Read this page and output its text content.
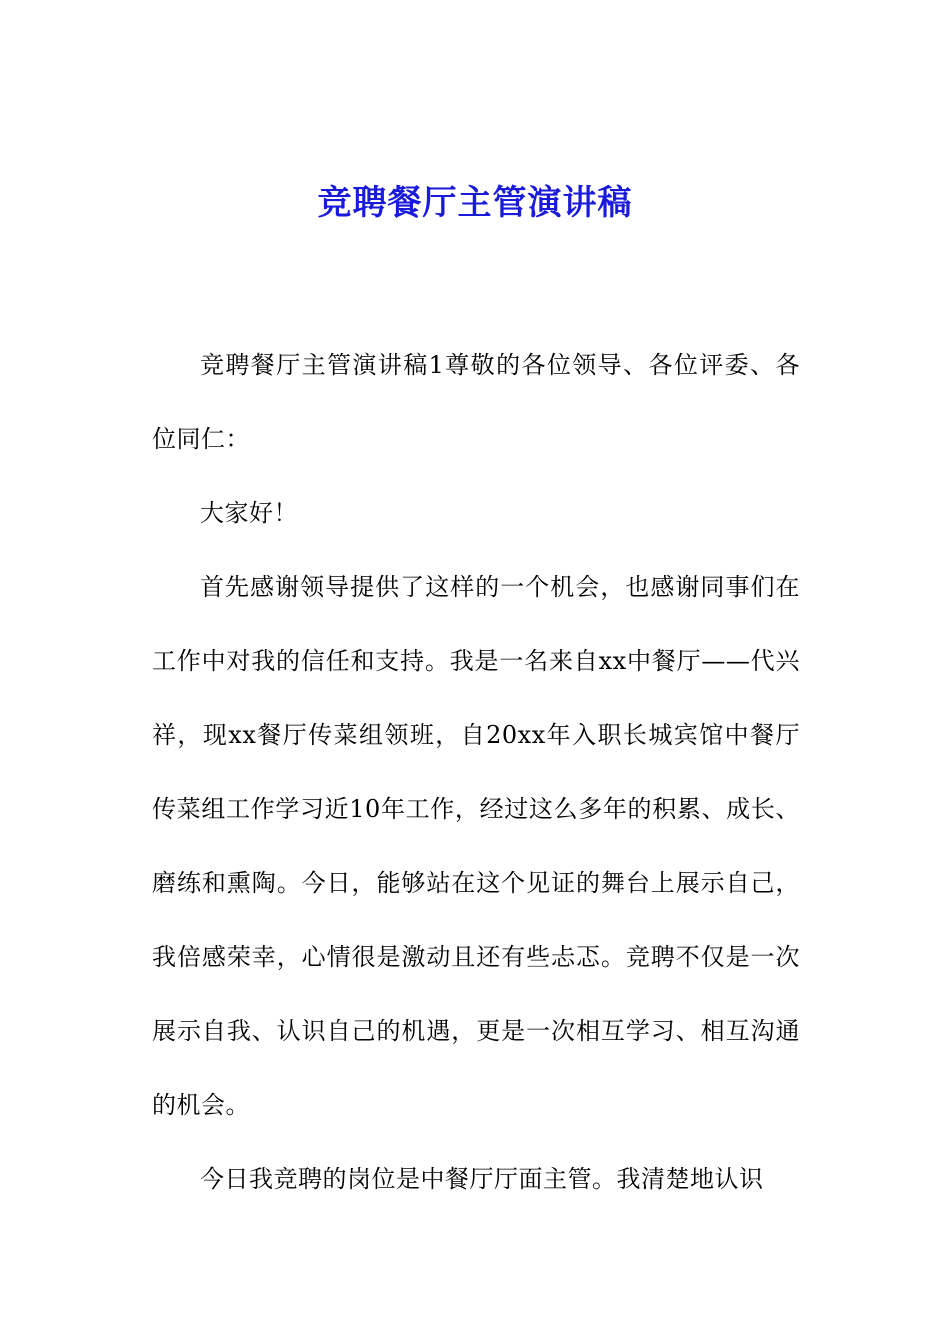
竞聘餐厅主管演讲稿

竞聘餐厅主管演讲稿1尊敬的各位领导、各位评委、各位同仁：

大家好！

首先感谢领导提供了这样的一个机会，也感谢同事们在工作中对我的信任和支持。我是一名来自xx中餐厅——代兴祥，现xx餐厅传菜组领班，自20xx年入职长城宾馆中餐厅传菜组工作学习近10年工作，经过这么多年的积累、成长、磨练和熏陶。今日，能够站在这个见证的舞台上展示自己，我倍感荣幸，心情很是激动且还有些忐忑。竞聘不仅是一次展示自我、认识自己的机遇，更是一次相互学习、相互沟通的机会。

今日我竞聘的岗位是中餐厅厅面主管。我清楚地认识
